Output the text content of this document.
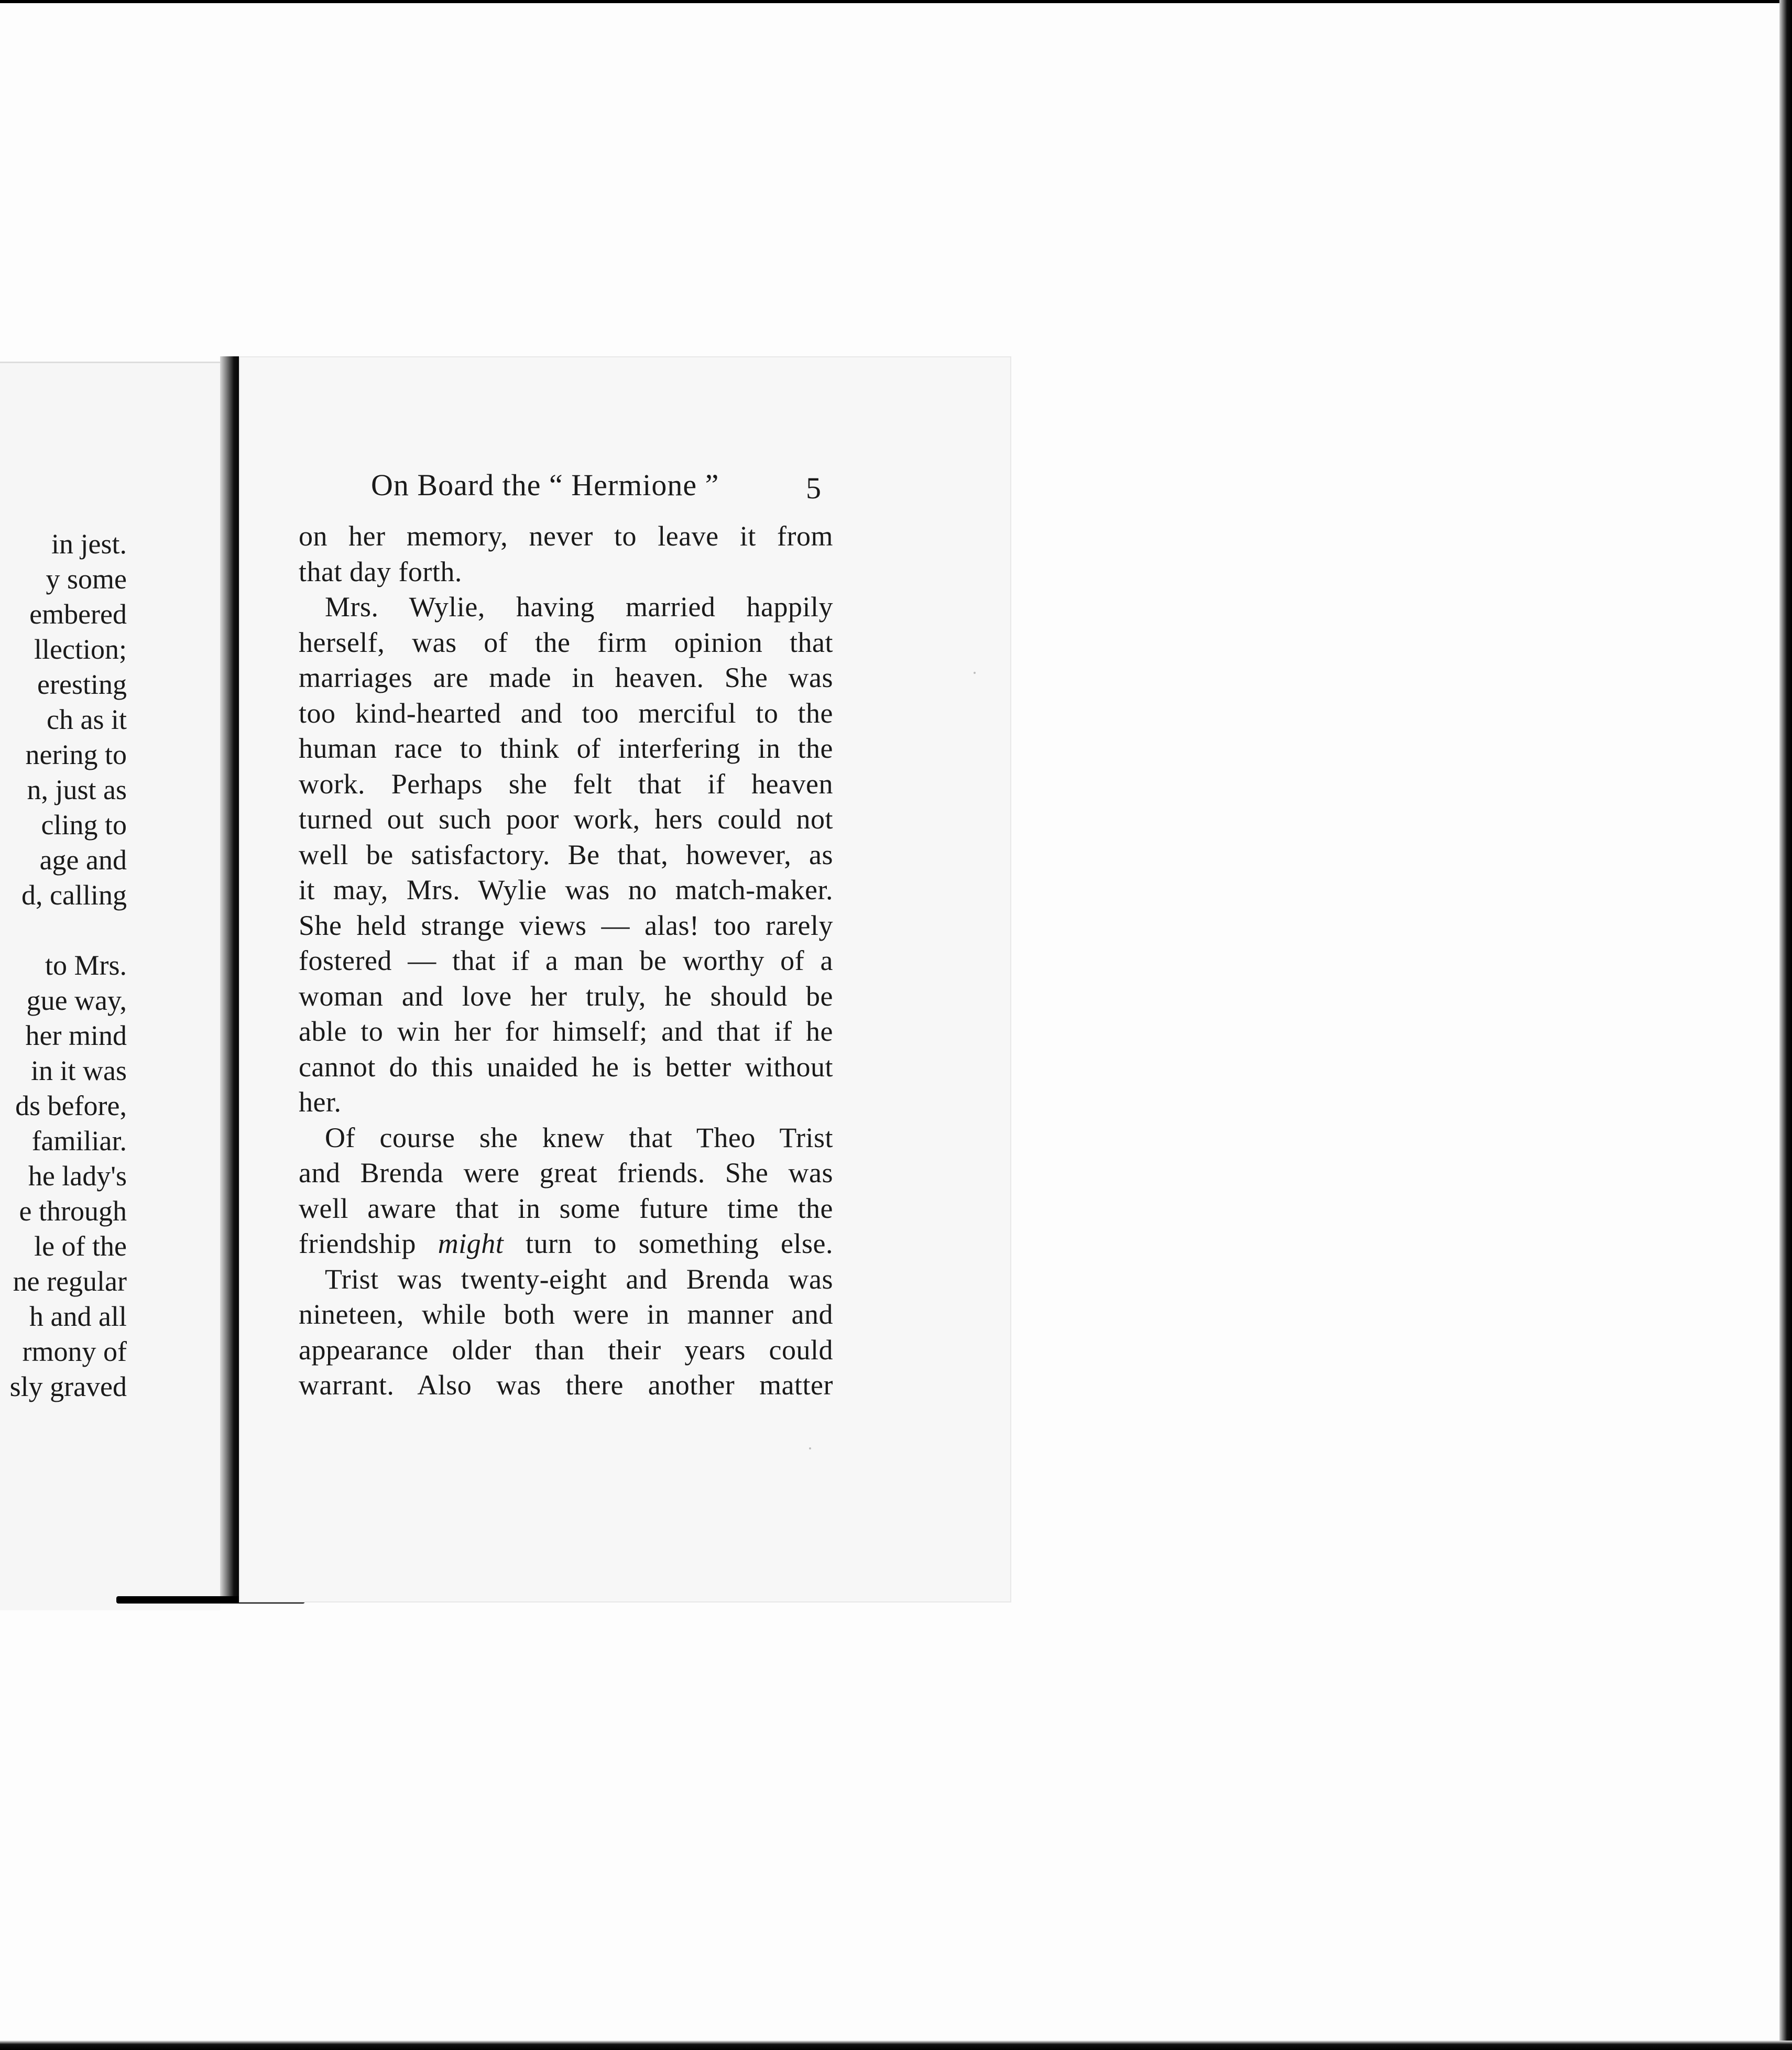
in jest.
y some
embered
llection;
eresting
ch as it
nering to
n, just as
cling to
age and
d, calling
to Mrs.
gue way,
her mind
in it was
ds before,
familiar.
he lady's
e through
le of the
ne regular
h and all
rmony of
sly graved
On Board the “ Hermione ”	5
on her memory, never to leave it from
that day forth.
Mrs. Wylie, having married happily
herself, was of the firm opinion that
marriages are made in heaven. She was
too kind-hearted and too merciful to the
human race to think of interfering in the
work. Perhaps she felt that if heaven
turned out such poor work, hers could not
well be satisfactory. Be that, however, as
it may, Mrs. Wylie was no match-maker.
She held strange views — alas! too rarely
fostered — that if a man be worthy of a
woman and love her truly, he should be
able to win her for himself; and that if he
cannot do this unaided he is better without
her.
Of course she knew that Theo Trist
and Brenda were great friends. She was
well aware that in some future time the
friendship might turn to something else.
Trist was twenty-eight and Brenda was
nineteen, while both were in manner and
appearance older than their years could
warrant. Also was there another matter
